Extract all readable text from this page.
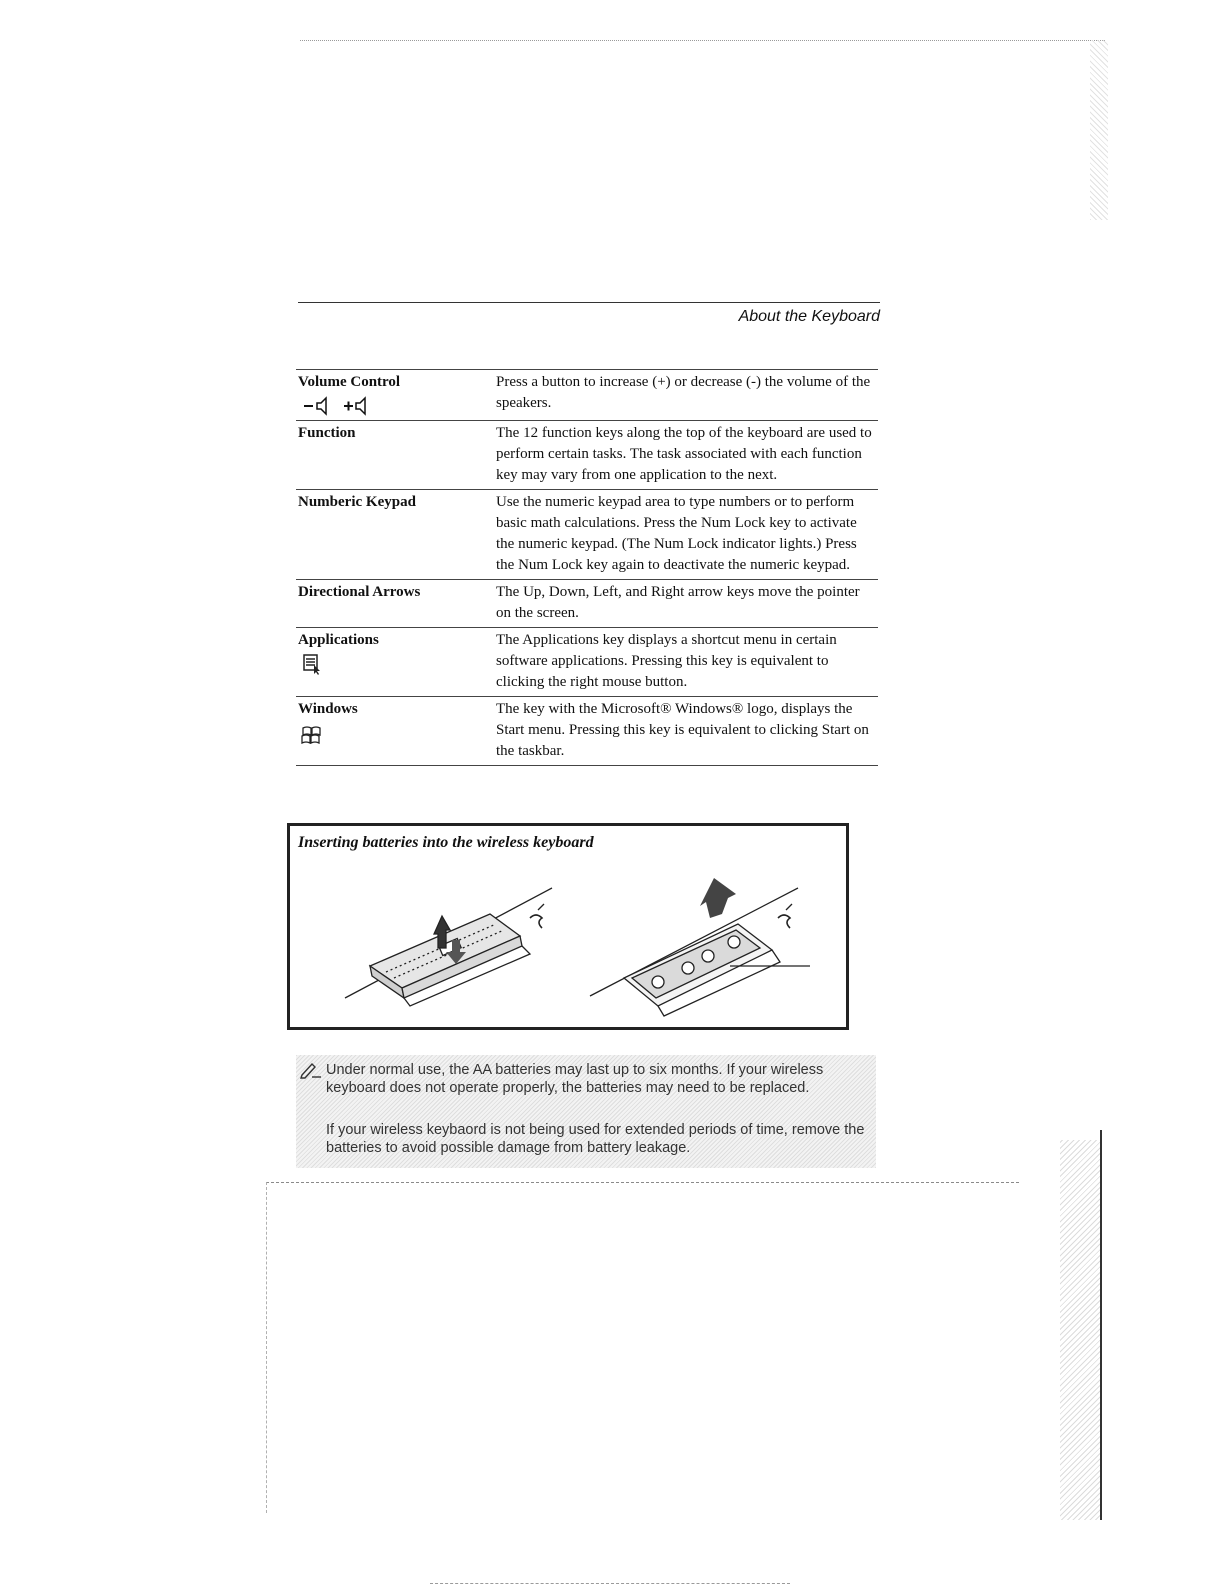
About the Keyboard
Volume Control	Press a button to increase (+) or decrease (-) the volume of the speakers.
Function	The 12 function keys along the top of the keyboard are used to perform certain tasks. The task associated with each function key may vary from one application to the next.
Numberic Keypad	Use the numeric keypad area to type numbers or to perform basic math calculations. Press the Num Lock key to activate the numeric keypad. (The Num Lock indicator lights.) Press the Num Lock key again to deactivate the numeric keypad.
Directional Arrows	The Up, Down, Left, and Right arrow keys move the pointer on the screen.
Applications	The Applications key displays a shortcut menu in certain software applications. Pressing this key is equivalent to clicking the right mouse button.
Windows	The key with the Microsoft® Windows® logo, displays the Start menu. Pressing this key is equivalent to clicking Start on the taskbar.
Inserting batteries into the wireless keyboard
Under normal use, the AA batteries may last up to six months. If your wireless keyboard does not operate properly, the batteries may need to be replaced.
If your wireless keybaord is not being used for extended periods of time, remove the batteries to avoid possible damage from battery leakage.
